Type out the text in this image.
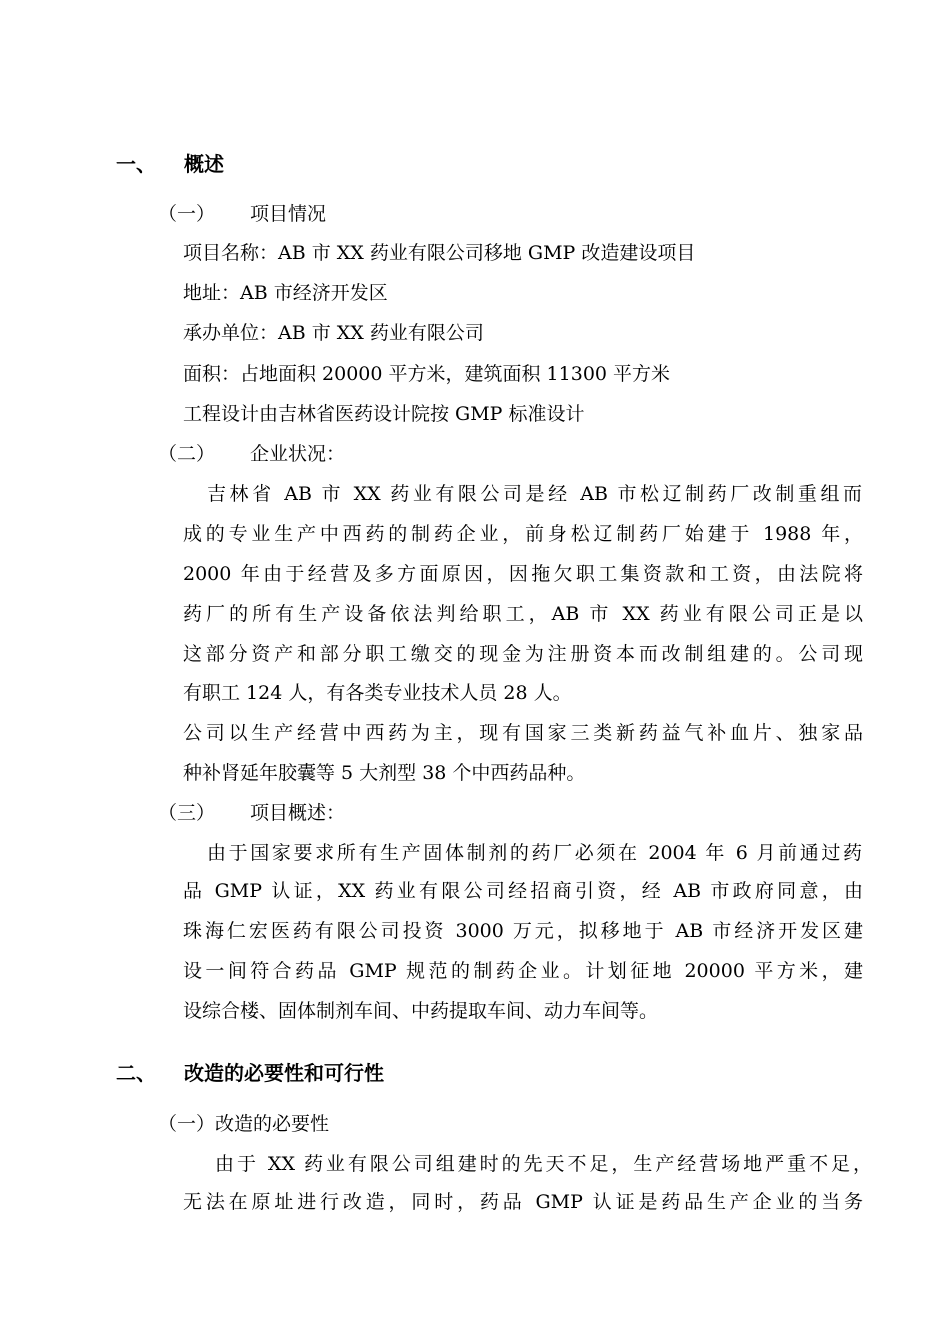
一、 概述
（一） 项目情况
项目名称：AB 市 XX 药业有限公司移地 GMP 改造建设项目
地址：AB 市经济开发区
承办单位：AB 市 XX 药业有限公司
面积：占地面积 20000 平方米，建筑面积 11300 平方米
工程设计由吉林省医药设计院按 GMP 标准设计
（二） 企业状况：
吉林省 AB 市 XX 药业有限公司是经 AB 市松辽制药厂改制重组而
成的专业生产中西药的制药企业，前身松辽制药厂始建于 1988 年，
2000 年由于经营及多方面原因，因拖欠职工集资款和工资，由法院将
药厂的所有生产设备依法判给职工，AB 市 XX 药业有限公司正是以
这部分资产和部分职工缴交的现金为注册资本而改制组建的。公司现
有职工 124 人，有各类专业技术人员 28 人。
公司以生产经营中西药为主，现有国家三类新药益气补血片、独家品
种补肾延年胶囊等 5 大剂型 38 个中西药品种。
（三） 项目概述：
由于国家要求所有生产固体制剂的药厂必须在 2004 年 6 月前通过药
品 GMP 认证，XX 药业有限公司经招商引资，经 AB 市政府同意，由
珠海仁宏医药有限公司投资 3000 万元，拟移地于 AB 市经济开发区建
设一间符合药品 GMP 规范的制药企业。计划征地 20000 平方米，建
设综合楼、固体制剂车间、中药提取车间、动力车间等。
二、 改造的必要性和可行性
（一）改造的必要性
由于 XX 药业有限公司组建时的先天不足，生产经营场地严重不足，
无法在原址进行改造，同时，药品 GMP 认证是药品生产企业的当务
